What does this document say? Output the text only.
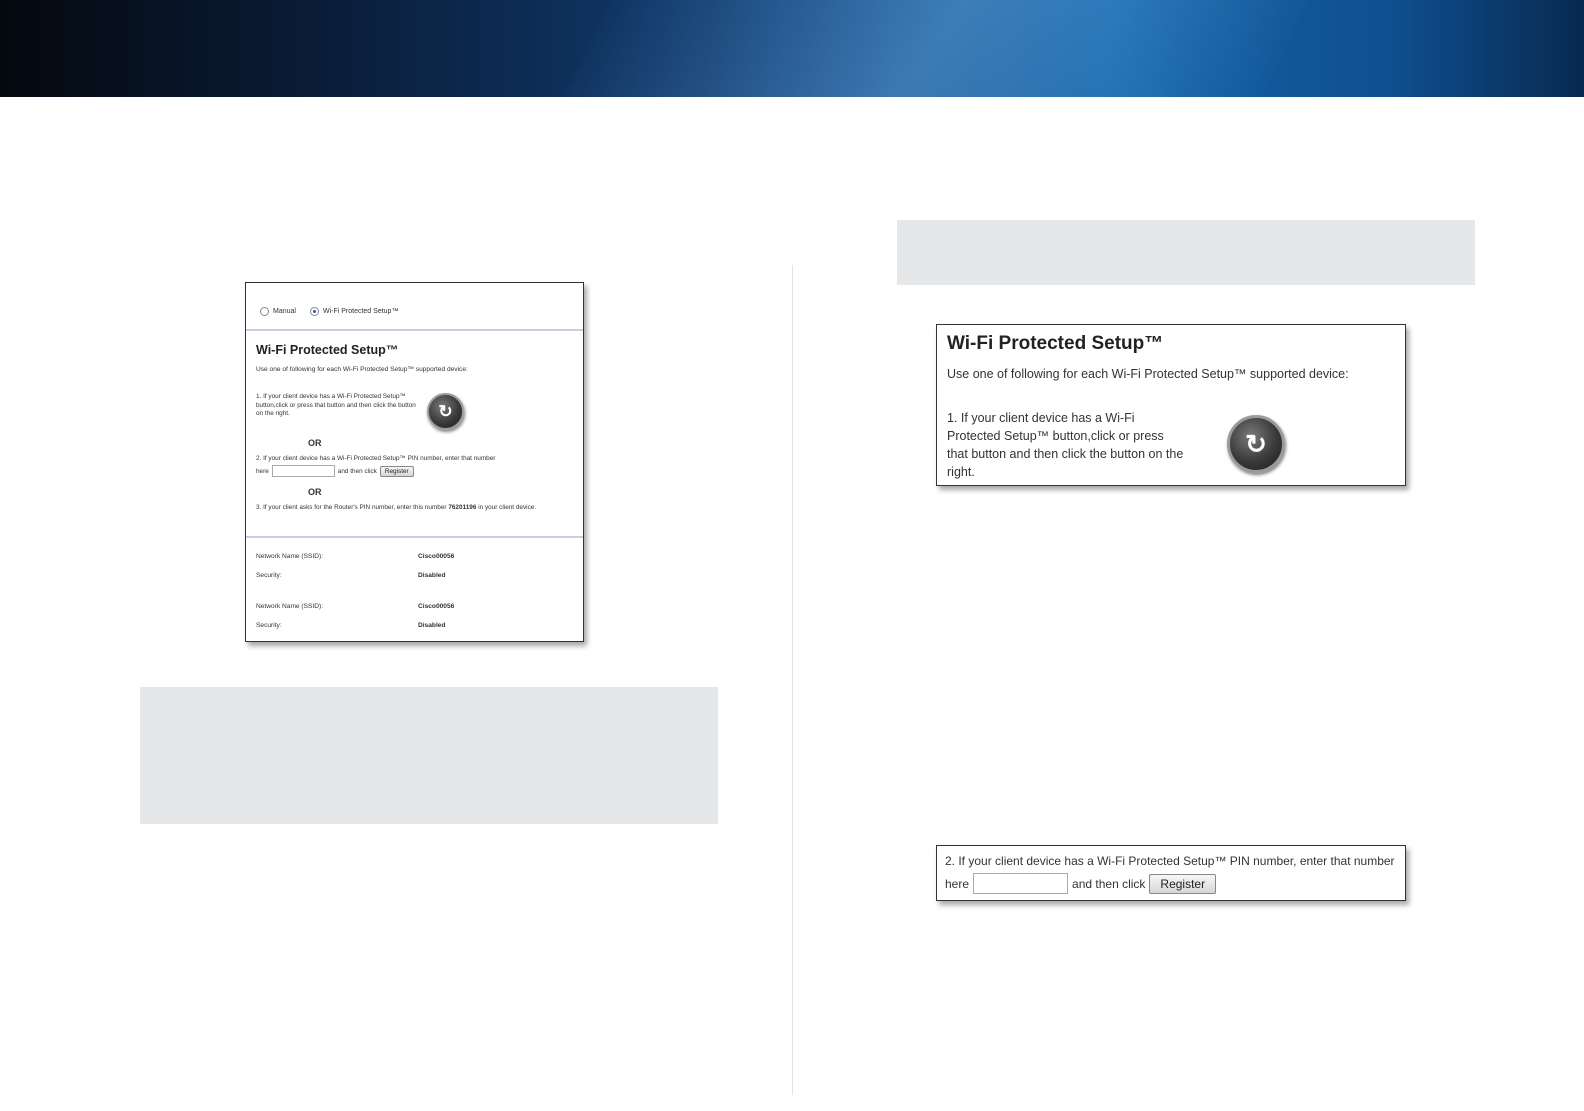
Manual	Wi-Fi Protected Setup™
Wi-Fi Protected Setup™
Use one of following for each Wi-Fi Protected Setup™ supported device:
1. If your client device has a Wi-Fi Protected Setup™ button,click or press that button and then click the button on the right.	↻
OR
2. If your client device has a Wi-Fi Protected Setup™ PIN number, enter that number
here	and then click	Register
OR
3. If your client asks for the Router's PIN number, enter this number 76201196 in your client device.
Network Name (SSID):	Cisco00056
Security:	Disabled
Network Name (SSID):	Cisco00056
Security:	Disabled
Wi-Fi Protected Setup™
Use one of following for each Wi-Fi Protected Setup™ supported device:
1. If your client device has a Wi-Fi
Protected Setup™ button,click or press
that button and then click the button on the
right.
↻
2. If your client device has a Wi-Fi Protected Setup™ PIN number, enter that number
here	and then click	Register
